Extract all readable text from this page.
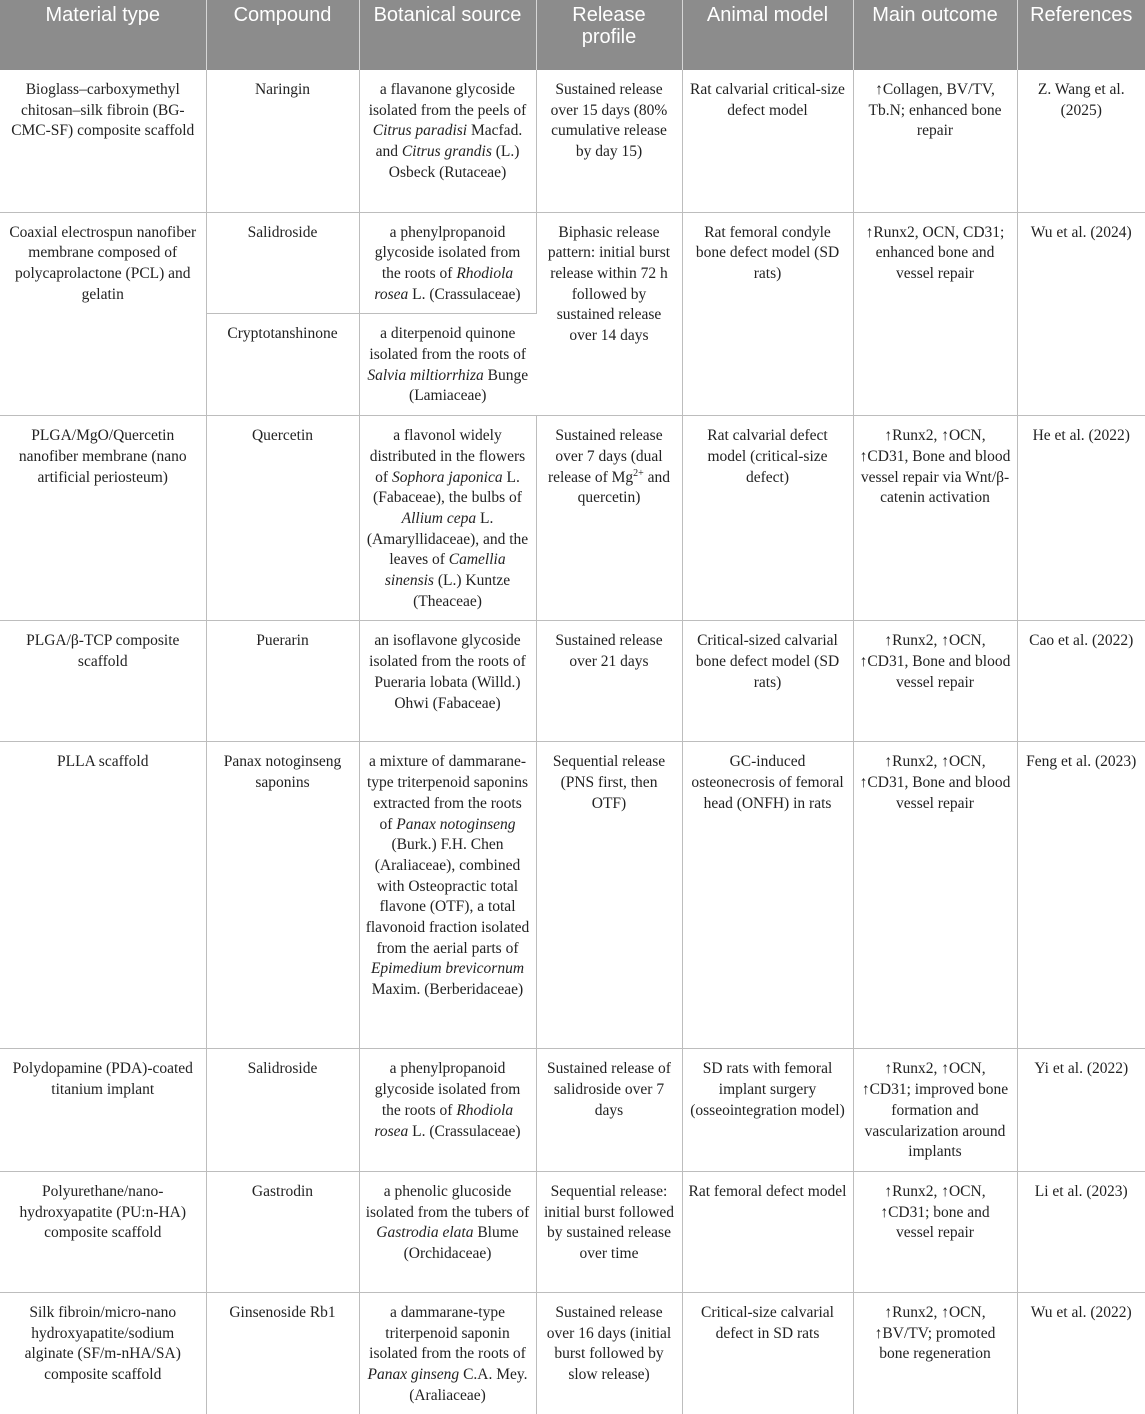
Material type	Compound	Botanical source	Release profile	Animal model	Main outcome	References
Bioglass–carboxymethyl chitosan–silk fibroin (BG-CMC-SF) composite scaffold	Naringin	a flavanone glycoside isolated from the peels of Citrus paradisi Macfad. and Citrus grandis (L.) Osbeck (Rutaceae)	Sustained release over 15 days (80% cumulative release by day 15)	Rat calvarial critical-size defect model	↑Collagen, BV/TV, Tb.N; enhanced bone repair	Z. Wang et al. (2025)
Coaxial electrospun nanofiber membrane composed of polycaprolactone (PCL) and gelatin	Salidroside	a phenylpropanoid glycoside isolated from the roots of Rhodiola rosea L. (Crassulaceae)	Biphasic release pattern: initial burst release within 72 h followed by sustained release over 14 days	Rat femoral condyle bone defect model (SD rats)	↑Runx2, OCN, CD31; enhanced bone and vessel repair	Wu et al. (2024)
	Cryptotanshinone	a diterpenoid quinone isolated from the roots of Salvia miltiorrhiza Bunge (Lamiaceae)				
PLGA/MgO/Quercetin nanofiber membrane (nano artificial periosteum)	Quercetin	a flavonol widely distributed in the flowers of Sophora japonica L. (Fabaceae), the bulbs of Allium cepa L. (Amaryllidaceae), and the leaves of Camellia sinensis (L.) Kuntze (Theaceae)	Sustained release over 7 days (dual release of $Mg^{2+}$ and quercetin)	Rat calvarial defect model (critical-size defect)	↑Runx2, ↑OCN, ↑CD31, Bone and blood vessel repair via Wnt/β-catenin activation	He et al. (2022)
PLGA/β-TCP composite scaffold	Puerarin	an isoflavone glycoside isolated from the roots of Pueraria lobata (Willd.) Ohwi (Fabaceae)	Sustained release over 21 days	Critical-sized calvarial bone defect model (SD rats)	↑Runx2, ↑OCN, ↑CD31, Bone and blood vessel repair	Cao et al. (2022)
PLLA scaffold	Panax notoginseng saponins	a mixture of dammarane-type triterpenoid saponins extracted from the roots of Panax notoginseng (Burk.) F.H. Chen (Araliaceae), combined with Osteopractic total flavone (OTF), a total flavonoid fraction isolated from the aerial parts of Epimedium brevicornum Maxim. (Berberidaceae)	Sequential release (PNS first, then OTF)	GC-induced osteonecrosis of femoral head (ONFH) in rats	↑Runx2, ↑OCN, ↑CD31, Bone and blood vessel repair	Feng et al. (2023)
Polydopamine (PDA)-coated titanium implant	Salidroside	a phenylpropanoid glycoside isolated from the roots of Rhodiola rosea L. (Crassulaceae)	Sustained release of salidroside over 7 days	SD rats with femoral implant surgery (osseointegration model)	↑Runx2, ↑OCN, ↑CD31; improved bone formation and vascularization around implants	Yi et al. (2022)
Polyurethane/nano-hydroxyapatite (PU:n-HA) composite scaffold	Gastrodin	a phenolic glucoside isolated from the tubers of Gastrodia elata Blume (Orchidaceae)	Sequential release: initial burst followed by sustained release over time	Rat femoral defect model	↑Runx2, ↑OCN, ↑CD31; bone and vessel repair	Li et al. (2023)
Silk fibroin/micro-nano hydroxyapatite/sodium alginate (SF/m-nHA/SA) composite scaffold	Ginsenoside Rb1	a dammarane-type triterpenoid saponin isolated from the roots of Panax ginseng C.A. Mey. (Araliaceae)	Sustained release over 16 days (initial burst followed by slow release)	Critical-size calvarial defect in SD rats	↑Runx2, ↑OCN, ↑BV/TV; promoted bone regeneration	Wu et al. (2022)
